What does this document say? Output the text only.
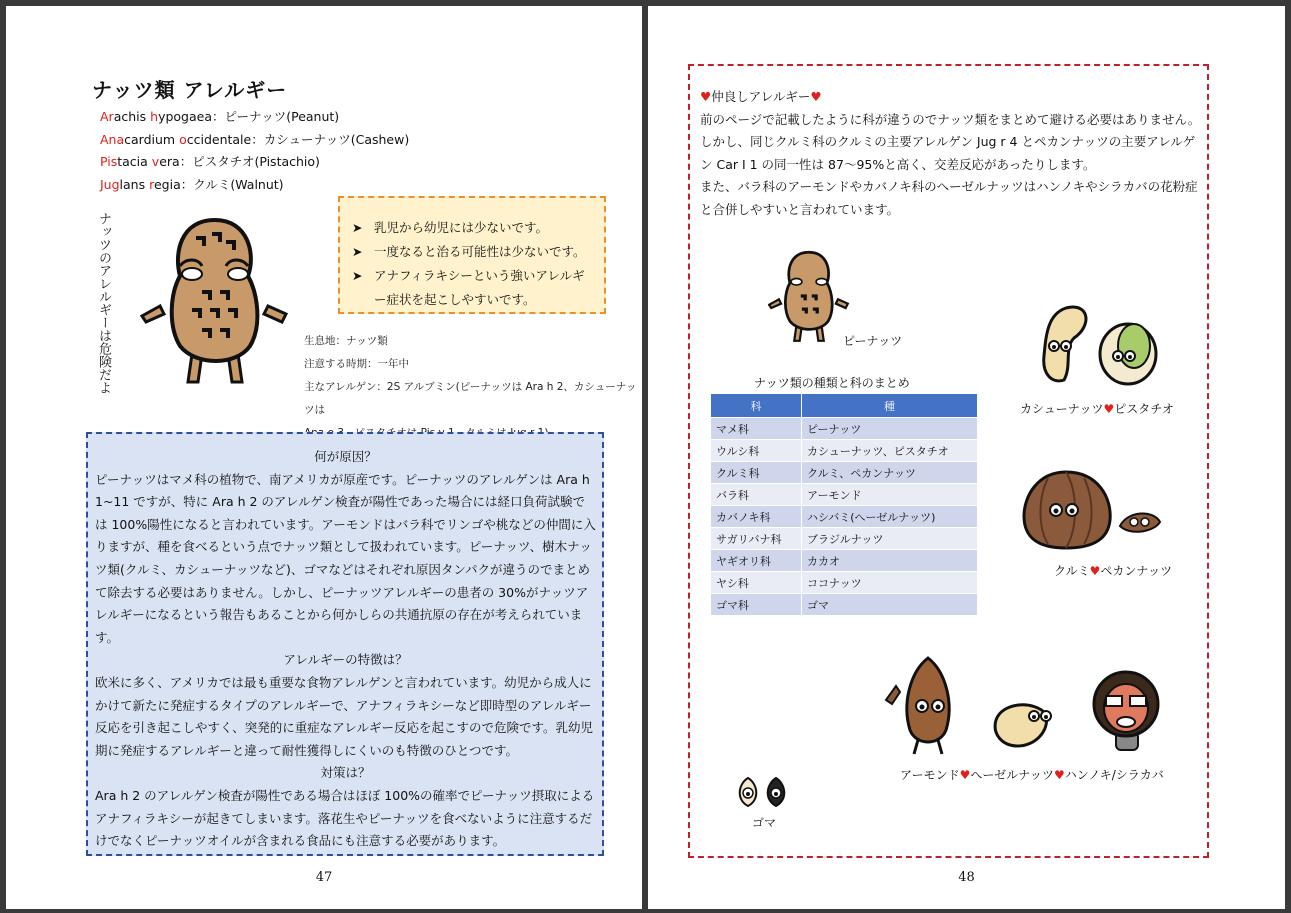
ナッツ類 アレルギー
Arachis hypogaea：ピーナッツ(Peanut)
Anacardium occidentale：カシューナッツ(Cashew)
Pistacia vera：ピスタチオ(Pistachio)
Juglans regia：クルミ(Walnut)
ナッツのアレルギーは危険だよ	➤ 乳児から幼児には少ないです。
➤ 一度なると治る可能性は少ないです。
➤ アナフィラキシーという強いアレルギー症状を起こしやすいです。
生息地：ナッツ類
注意する時期：一年中
主なアレルゲン：2S アルブミン(ピーナッツは Ara h 2、カシューナッツは
何が原因？

ピーナッツはマメ科の植物で、南アメリカが原産です。ピーナッツのアレルゲンは Ara h 1~11 ですが、特に Ara h 2 のアレルゲン検査が陽性であった場合には経口負荷試験では 100%陽性になると言われています。アーモンドはバラ科でリンゴや桃などの仲間に入りますが、種を食べるという点でナッツ類として扱われています。ピーナッツ、樹木ナッツ類(クルミ、カシューナッツなど)、ゴマなどはそれぞれ原因タンパクが違うのでまとめて除去する必要はありません。しかし、ピーナッツアレルギーの患者の 30%がナッツアレルギーになるという報告もあることから何かしらの共通抗原の存在が考えられています。

アレルギーの特徴は？

欧米に多く、アメリカでは最も重要な食物アレルゲンと言われています。幼児から成人にかけて新たに発症するタイプのアレルギーで、アナフィラキシーなど即時型のアレルギー反応を引き起こしやすく、突発的に重症なアレルギー反応を起こすので危険です。乳幼児期に発症するアレルギーと違って耐性獲得しにくいのも特徴のひとつです。

対策は？

Ara h 2 のアレルゲン検査が陽性である場合はほぼ 100%の確率でピーナッツ摂取によるアナフィラキシーが起きてしまいます。落花生やピーナッツを食べないように注意するだけでなくピーナッツオイルが含まれる食品にも注意する必要があります。

47
♥仲良しアレルギー♥

前のページで記載したように科が違うのでナッツ類をまとめて避ける必要はありません。

しかし、同じクルミ科のクルミの主要アレルゲン Jug r 4 とペカンナッツの主要アレルゲン Car I 1 の同一性は 87～95%と高く、交差反応があったりします。

また、バラ科のアーモンドやカバノキ科のへーゼルナッツはハンノキやシラカバの花粉症と合併しやすいと言われています。

ピーナッツ
カシューナッツ♥ピスタチオ
クルミ♥ペカンナッツ
ナッツ類の種類と科のまとめ
科	種
マメ科	ピーナッツ
ウルシ科	カシューナッツ、ピスタチオ
クルミ科	クルミ、ペカンナッツ
バラ科	アーモンド
カバノキ科	ハシバミ(へーゼルナッツ)
サガリバナ科	ブラジルナッツ
ヤギオリ科	カカオ
ヤシ科	ココナッツ
ゴマ科	ゴマ
アーモンド♥へーゼルナッツ♥ハンノキ/シラカバ
ゴマ
48
